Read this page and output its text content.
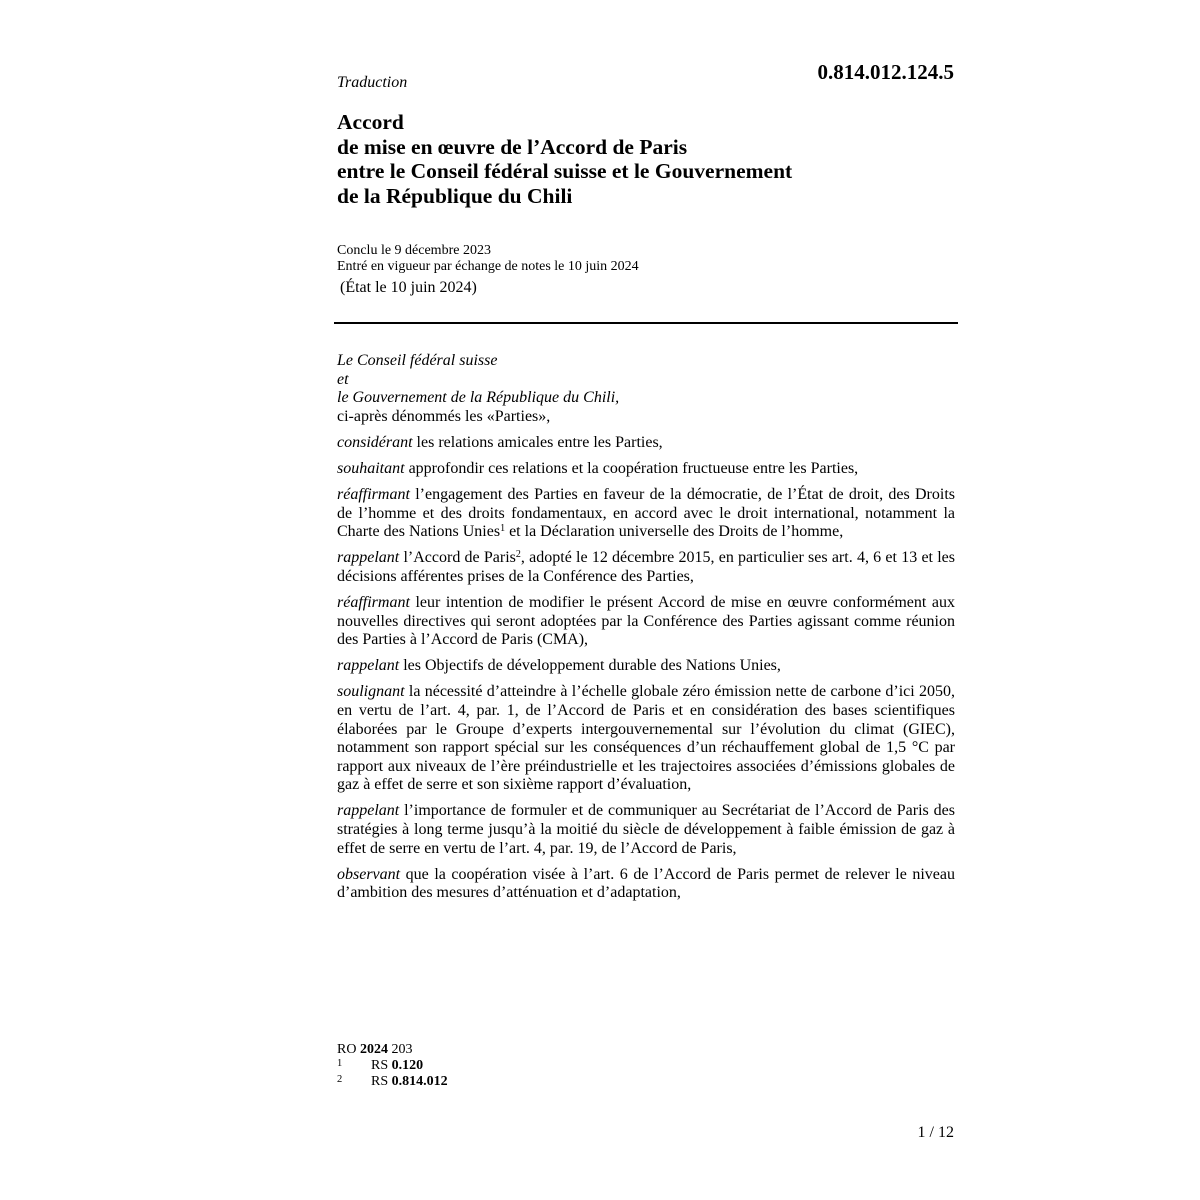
0.814.012.124.5

Traduction

Accord
de mise en œuvre de l’Accord de Paris
entre le Conseil fédéral suisse et le Gouvernement
de la République du Chili
Conclu le 9 décembre 2023
Entré en vigueur par échange de notes le 10 juin 2024
(État le 10 juin 2024)
Le Conseil fédéral suisse
et
le Gouvernement de la République du Chili,
ci-après dénommés les «Parties»,

considérant les relations amicales entre les Parties,

souhaitant approfondir ces relations et la coopération fructueuse entre les Parties,

réaffirmant l’engagement des Parties en faveur de la démocratie, de l’État de droit, des Droits de l’homme et des droits fondamentaux, en accord avec le droit international, notamment la Charte des Nations Unies$^1$ et la Déclaration universelle des Droits de l’homme,

rappelant l’Accord de Paris$^2$, adopté le 12 décembre 2015, en particulier ses art. 4, 6 et 13 et les décisions afférentes prises de la Conférence des Parties,

réaffirmant leur intention de modifier le présent Accord de mise en œuvre conformément aux nouvelles directives qui seront adoptées par la Conférence des Parties agissant comme réunion des Parties à l’Accord de Paris (CMA),

rappelant les Objectifs de développement durable des Nations Unies,

soulignant la nécessité d’atteindre à l’échelle globale zéro émission nette de carbone d’ici 2050, en vertu de l’art. 4, par. 1, de l’Accord de Paris et en considération des bases scientifiques élaborées par le Groupe d’experts intergouvernemental sur l’évolution du climat (GIEC), notamment son rapport spécial sur les conséquences d’un réchauffement global de 1,5 °C par rapport aux niveaux de l’ère préindustrielle et les trajectoires associées d’émissions globales de gaz à effet de serre et son sixième rapport d’évaluation,

rappelant l’importance de formuler et de communiquer au Secrétariat de l’Accord de Paris des stratégies à long terme jusqu’à la moitié du siècle de développement à faible émission de gaz à effet de serre en vertu de l’art. 4, par. 19, de l’Accord de Paris,

observant que la coopération visée à l’art. 6 de l’Accord de Paris permet de relever le niveau d’ambition des mesures d’atténuation et d’adaptation,

RO 2024 203
1 RS 0.120
2 RS 0.814.012
1 / 12
